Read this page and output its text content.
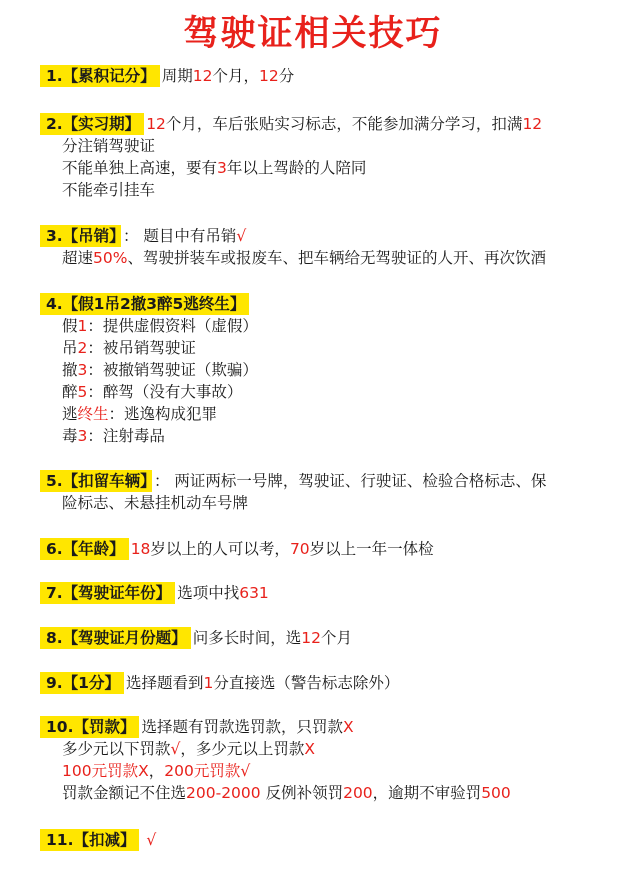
驾驶证相关技巧
1.【累积记分】 周期12个月，12分
2.【实习期】 12个月，车后张贴实习标志，不能参加满分学习，扣满12
分注销驾驶证
不能单独上高速，要有3年以上驾龄的人陪同
不能牵引挂车
3.【吊销】 ： 题目中有吊销√
超速50%、驾驶拼装车或报废车、把车辆给无驾驶证的人开、再次饮酒
4.【假1吊2撤3醉5逃终生】
假1：提供虚假资料（虚假）
吊2：被吊销驾驶证
撤3：被撤销驾驶证（欺骗）
醉5：醉驾（没有大事故）
逃终生：逃逸构成犯罪
毒3：注射毒品
5.【扣留车辆】 ： 两证两标一号牌，驾驶证、行驶证、检验合格标志、保
险标志、未悬挂机动车号牌
6.【年龄】 18岁以上的人可以考，70岁以上一年一体检
7.【驾驶证年份】 选项中找631
8.【驾驶证月份题】 问多长时间，选12个月
9.【1分】 选择题看到1分直接选（警告标志除外）
10.【罚款】 选择题有罚款选罚款，只罚款X
多少元以下罚款√，多少元以上罚款X
100元罚款X，200元罚款√
罚款金额记不住选200-2000 反例补领罚200，逾期不审验罚500
11.【扣减】 √
